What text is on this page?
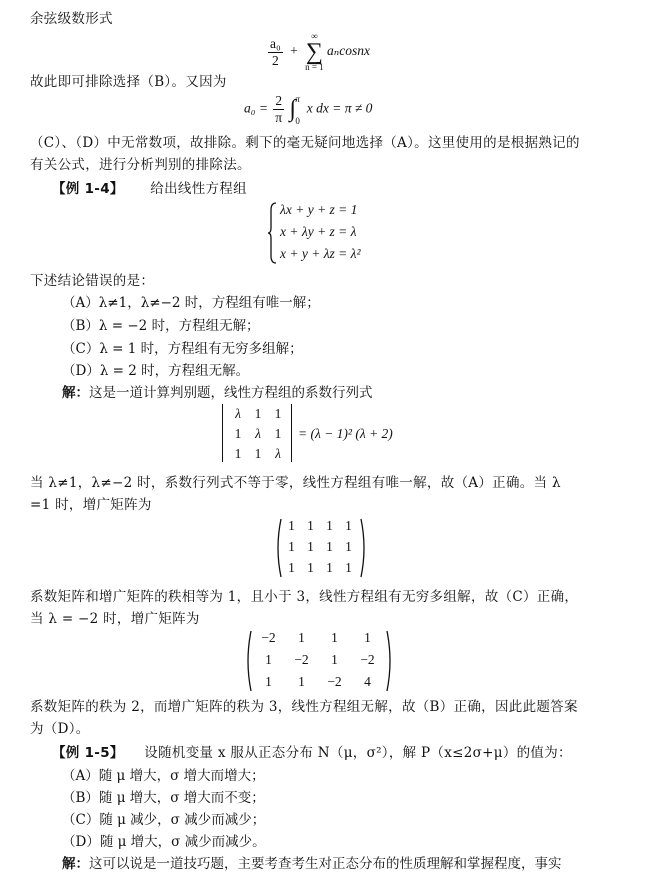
余弦级数形式
$\frac{\text{a₀}}{2}$ +
∞
∑
n = 1
aₙcosnx
故此即可排除选择（B）。又因为
$a_0 = \frac{2}{\pi}$ ∫ π
0
x dx = π ≠ 0
（C）、（D）中无常数项，故排除。剩下的毫无疑问地选择（A）。这里使用的是根据熟记的
有关公式，进行分析判别的排除法。
【例 1-4】 给出线性方程组
λx + y + z = 1
x + λy + z = λ
x + y + λz = λ²
下述结论错误的是：
（A）λ≠1，λ≠−2 时，方程组有唯一解；
（B）λ = −2 时，方程组无解；
（C）λ = 1 时，方程组有无穷多组解；
（D）λ = 2 时，方程组无解。
解：这是一道计算判别题，线性方程组的系数行列式
λ	1 1
1	λ	1
1 1	λ
= (λ − 1)² (λ + 2)
当 λ≠1，λ≠−2 时，系数行列式不等于零，线性方程组有唯一解，故（A）正确。当 λ
=1 时，增广矩阵为
1 1 1 1
1 1 1 1
1 1 1 1
系数矩阵和增广矩阵的秩相等为 1，且小于 3，线性方程组有无穷多组解，故（C）正确，
当 λ = −2 时，增广矩阵为
−2	1	1	1
1	−2	1	−2
1	1	−2	4
系数矩阵的秩为 2，而增广矩阵的秩为 3，线性方程组无解，故（B）正确，因此此题答案
为（D）。
【例 1-5】 设随机变量 x 服从正态分布 N（μ，σ²），解 P（x≤2σ+μ）的值为：
（A）随 μ 增大，σ 增大而增大；
（B）随 μ 增大，σ 增大而不变；
（C）随 μ 减少，σ 减少而减少；
（D）随 μ 增大，σ 减少而减少。
解：这可以说是一道技巧题，主要考查考生对正态分布的性质理解和掌握程度，事实
